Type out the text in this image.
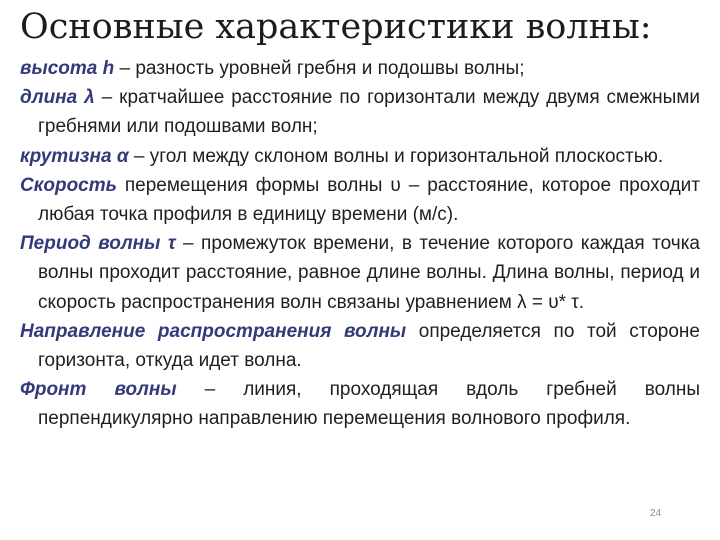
Основные характеристики волны:

высота h – разность уровней гребня и подошвы волны;

длина λ – кратчайшее расстояние по горизонтали между двумя смежными гребнями или подошвами волн;

крутизна α – угол между склоном волны и горизонтальной плоскостью.

Скорость перемещения формы волны υ – расстояние, которое проходит любая точка профиля в единицу времени (м/с).

Период волны τ – промежуток времени, в течение которого каждая точка волны проходит расстояние, равное длине волны. Длина волны, период и скорость распространения волн связаны уравнением λ = υ* τ.

Направление распространения волны определяется по той стороне горизонта, откуда идет волна.

Фронт волны – линия, проходящая вдоль гребней волны перпендикулярно направлению перемещения волнового профиля.

24
